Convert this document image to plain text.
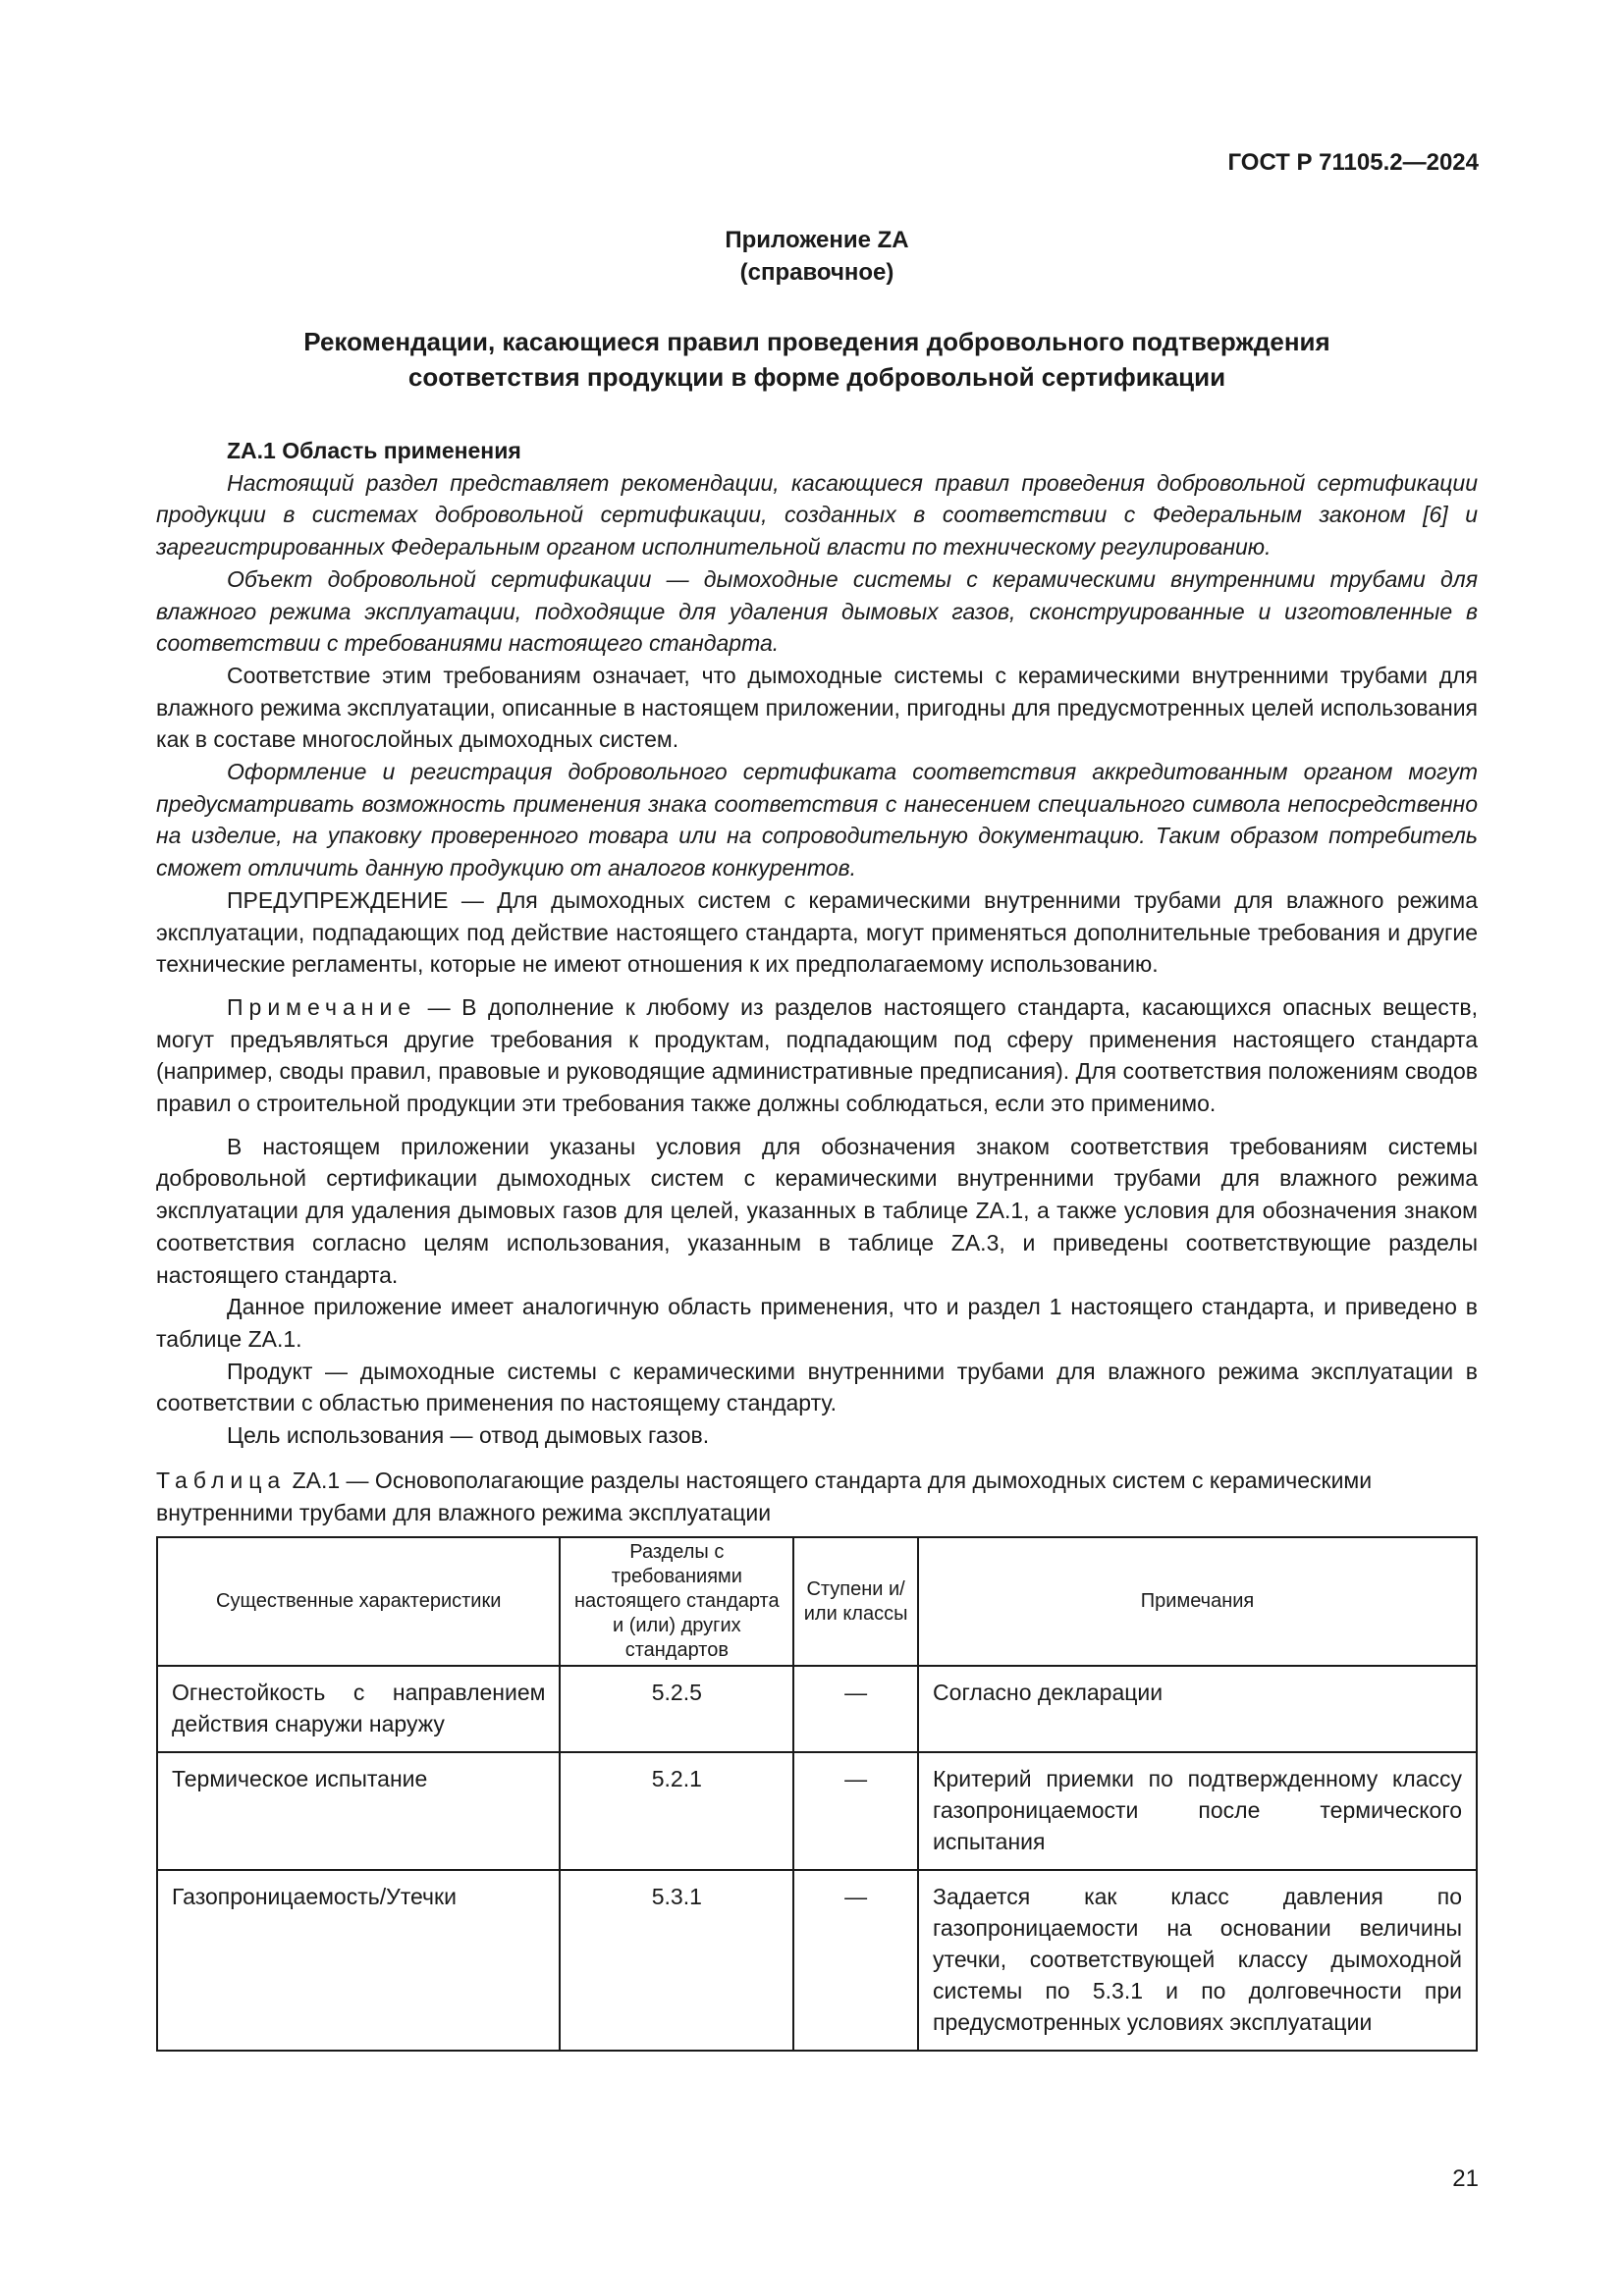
ГОСТ Р 71105.2—2024
Приложение ZA
(справочное)
Рекомендации, касающиеся правил проведения добровольного подтверждения
соответствия продукции в форме добровольной сертификации

ZA.1 Область применения

Настоящий раздел представляет рекомендации, касающиеся правил проведения добровольной сертификации продукции в системах добровольной сертификации, созданных в соответствии с Федеральным законом [6] и зарегистрированных Федеральным органом исполнительной власти по техническому регулированию.

Объект добровольной сертификации — дымоходные системы с керамическими внутренними трубами для влажного режима эксплуатации, подходящие для удаления дымовых газов, сконструированные и изготовленные в соответствии с требованиями настоящего стандарта.

Соответствие этим требованиям означает, что дымоходные системы с керамическими внутренними трубами для влажного режима эксплуатации, описанные в настоящем приложении, пригодны для предусмотренных целей использования как в составе многослойных дымоходных систем.

Оформление и регистрация добровольного сертификата соответствия аккредитованным органом могут предусматривать возможность применения знака соответствия с нанесением специального символа непосредственно на изделие, на упаковку проверенного товара или на сопроводительную документацию. Таким образом потребитель сможет отличить данную продукцию от аналогов конкурентов.

ПРЕДУПРЕЖДЕНИЕ — Для дымоходных систем с керамическими внутренними трубами для влажного режима эксплуатации, подпадающих под действие настоящего стандарта, могут применяться дополнительные требования и другие технические регламенты, которые не имеют отношения к их предполагаемому использованию.

Примечание — В дополнение к любому из разделов настоящего стандарта, касающихся опасных веществ, могут предъявляться другие требования к продуктам, подпадающим под сферу применения настоящего стандарта (например, своды правил, правовые и руководящие административные предписания). Для соответствия положениям сводов правил о строительной продукции эти требования также должны соблюдаться, если это применимо.

В настоящем приложении указаны условия для обозначения знаком соответствия требованиям системы добровольной сертификации дымоходных систем с керамическими внутренними трубами для влажного режима эксплуатации для удаления дымовых газов для целей, указанных в таблице ZA.1, а также условия для обозначения знаком соответствия согласно целям использования, указанным в таблице ZA.3, и приведены соответствующие разделы настоящего стандарта.

Данное приложение имеет аналогичную область применения, что и раздел 1 настоящего стандарта, и приведено в таблице ZA.1.

Продукт — дымоходные системы с керамическими внутренними трубами для влажного режима эксплуатации в соответствии с областью применения по настоящему стандарту.

Цель использования — отвод дымовых газов.

Таблица ZA.1 — Основополагающие разделы настоящего стандарта для дымоходных систем с керамическими внутренними трубами для влажного режима эксплуатации
Существенные характеристики	Разделы с требованиями настоящего стандарта и (или) других стандартов	Ступени и/или классы	Примечания
Огнестойкость с направлением действия снаружи наружу	5.2.5	—	Согласно декларации
Термическое испытание	5.2.1	—	Критерий приемки по подтвержденному классу газопроницаемости после термического испытания
Газопроницаемость/Утечки	5.3.1	—	Задается как класс давления по газопроницаемости на основании величины утечки, соответствующей классу дымоходной системы по 5.3.1 и по долговечности при предусмотренных условиях эксплуатации
21
